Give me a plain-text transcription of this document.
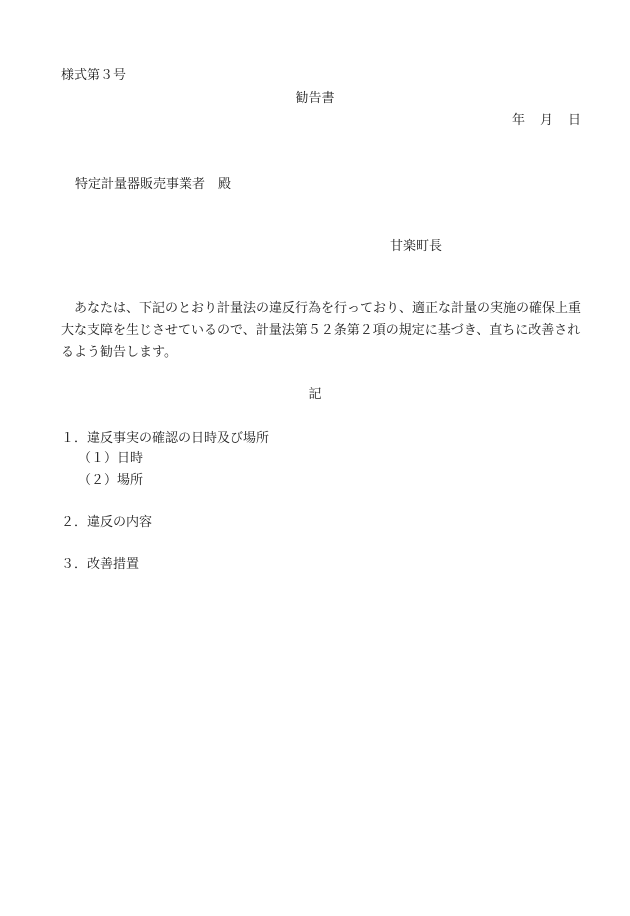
様式第３号
勧告書
年　月　日
特定計量器販売事業者　殿
甘楽町長
あなたは、下記のとおり計量法の違反行為を行っており、適正な計量の実施の確保上重大な支障を生じさせているので、計量法第５２条第２項の規定に基づき、直ちに改善されるよう勧告します。
記
１．違反事実の確認の日時及び場所
（１）日時
（２）場所
２．違反の内容
３．改善措置
